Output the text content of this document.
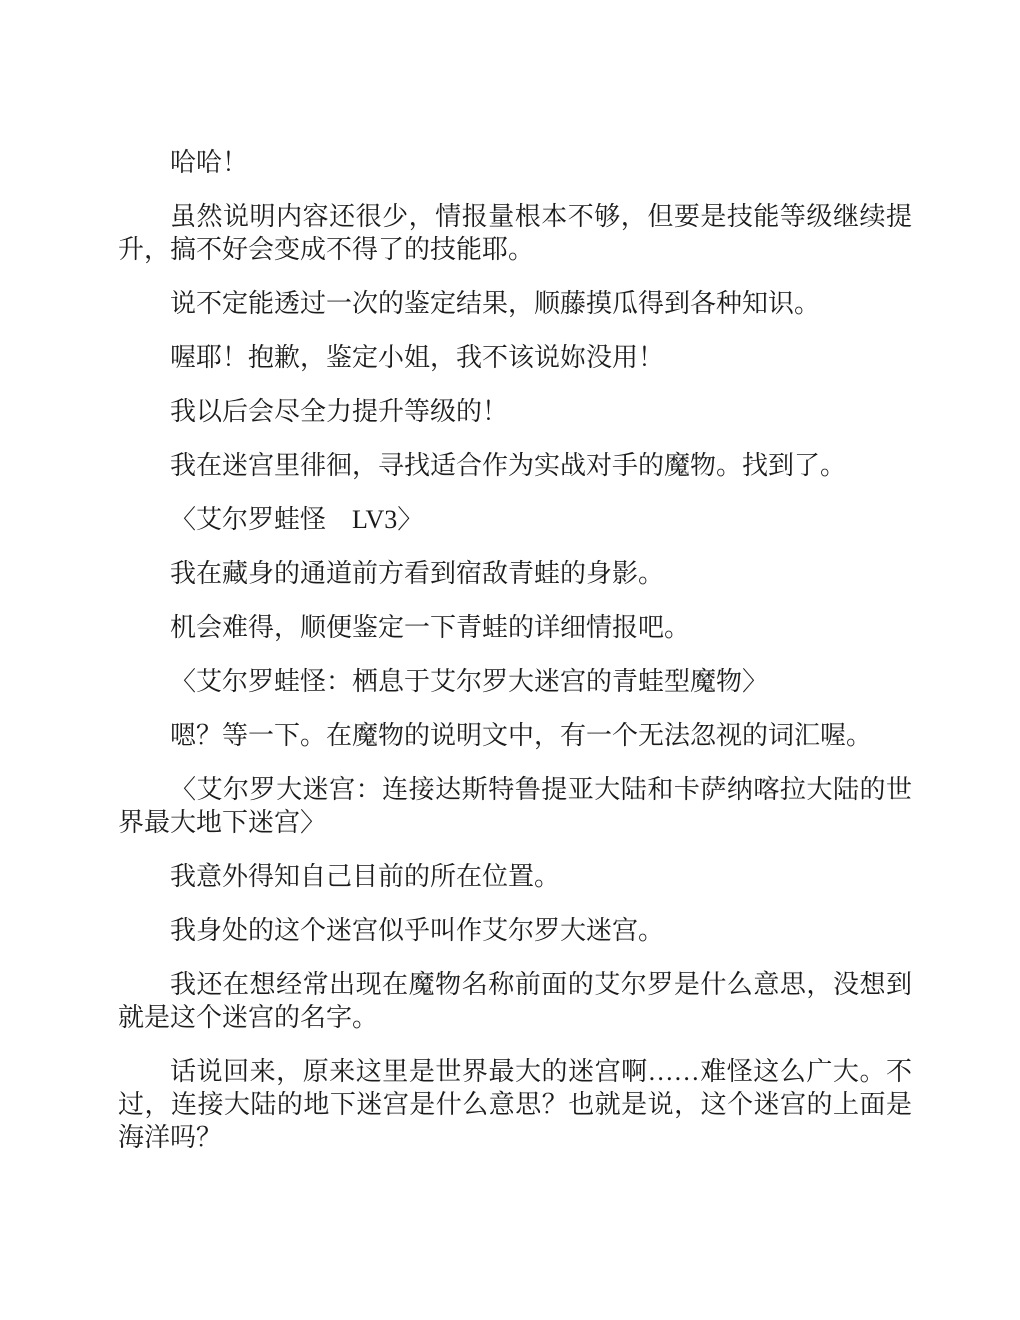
哈哈！

虽然说明内容还很少，情报量根本不够，但要是技能等级继续提升，搞不好会变成不得了的技能耶。

说不定能透过一次的鉴定结果，顺藤摸瓜得到各种知识。

喔耶！抱歉，鉴定小姐，我不该说妳没用！

我以后会尽全力提升等级的！

我在迷宫里徘徊，寻找适合作为实战对手的魔物。找到了。

〈艾尔罗蛙怪　LV3〉

我在藏身的通道前方看到宿敌青蛙的身影。

机会难得，顺便鉴定一下青蛙的详细情报吧。

〈艾尔罗蛙怪：栖息于艾尔罗大迷宫的青蛙型魔物〉

嗯？等一下。在魔物的说明文中，有一个无法忽视的词汇喔。

〈艾尔罗大迷宫：连接达斯特鲁提亚大陆和卡萨纳喀拉大陆的世界最大地下迷宫〉

我意外得知自己目前的所在位置。

我身处的这个迷宫似乎叫作艾尔罗大迷宫。

我还在想经常出现在魔物名称前面的艾尔罗是什么意思，没想到就是这个迷宫的名字。

话说回来，原来这里是世界最大的迷宫啊……难怪这么广大。不过，连接大陆的地下迷宫是什么意思？也就是说，这个迷宫的上面是海洋吗？
